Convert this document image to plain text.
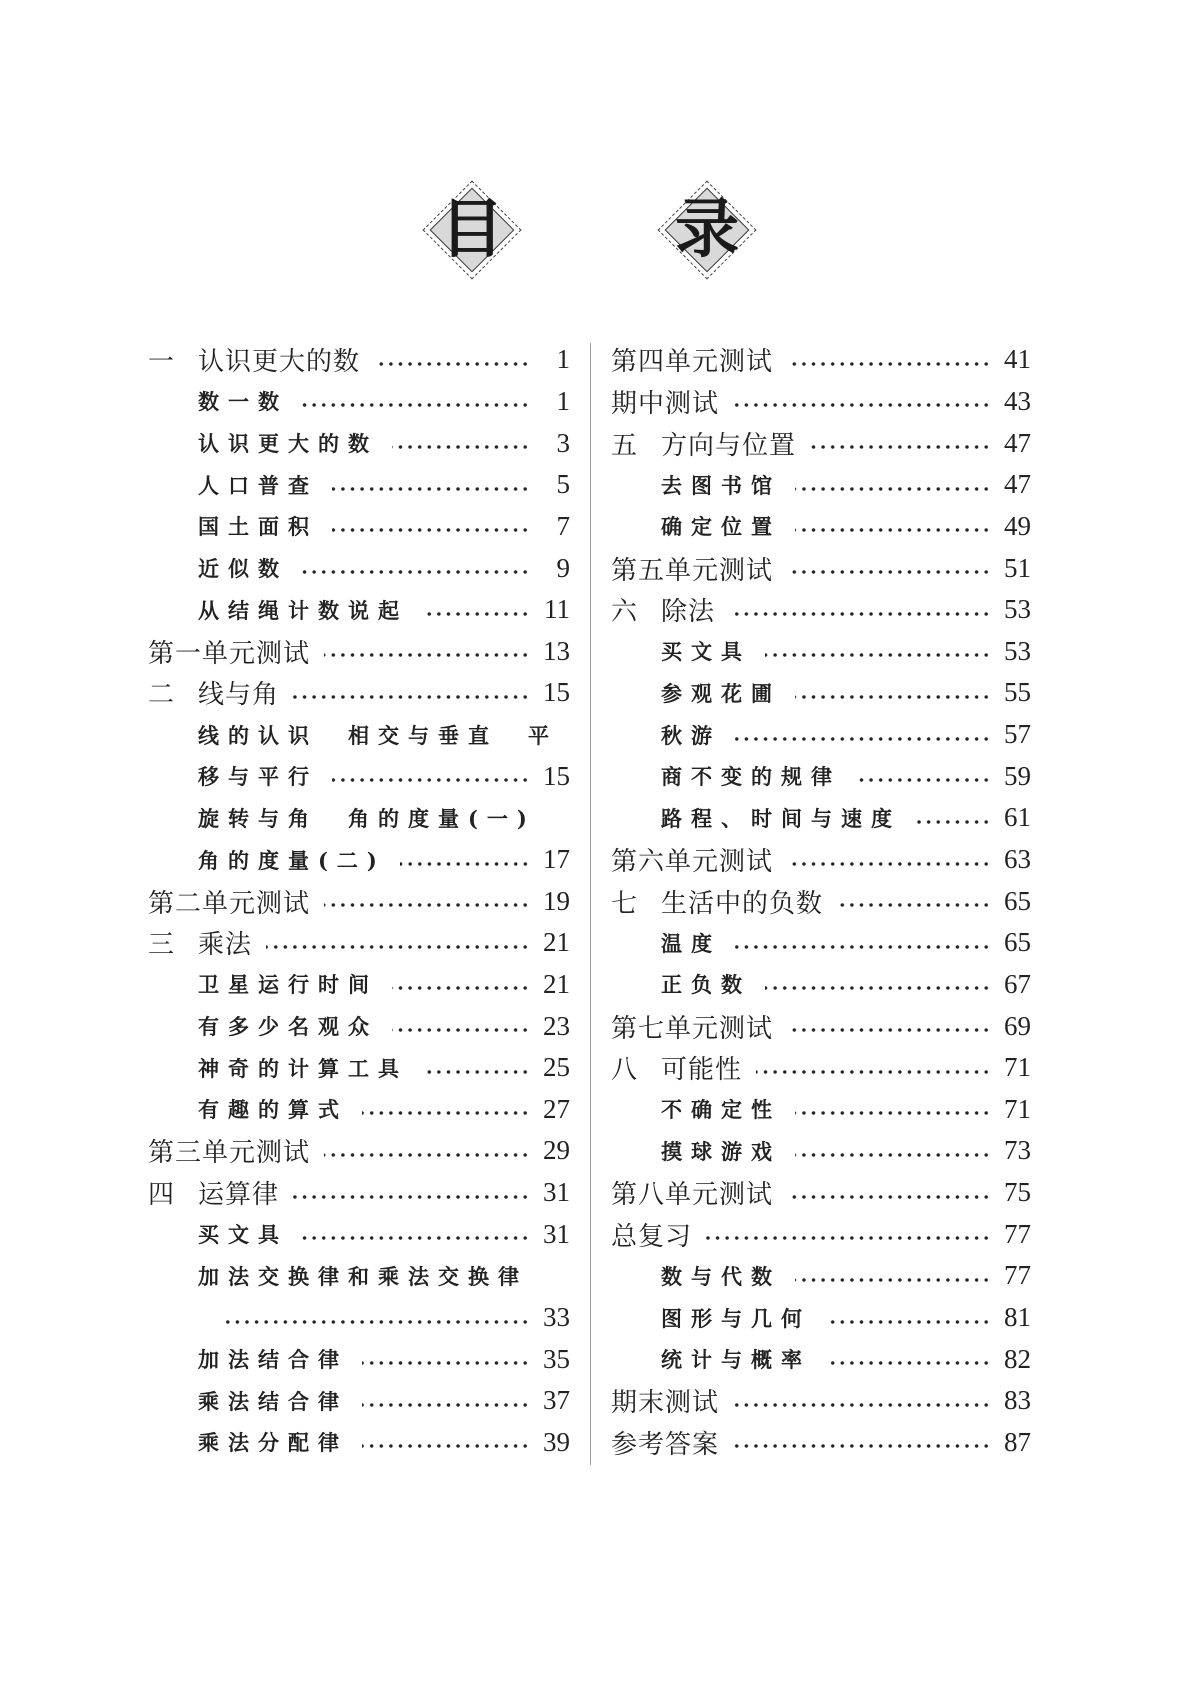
目	录
一 认识更大的数	1
数一数	1
认识更大的数	3
人口普查	5
国土面积	7
近似数	9
从结绳计数说起	11
第一单元测试	13
二 线与角	15
线的认识　相交与垂直　平
移与平行	15
旋转与角　角的度量(一)
角的度量(二)	17
第二单元测试	19
三 乘法	21
卫星运行时间	21
有多少名观众	23
神奇的计算工具	25
有趣的算式	27
第三单元测试	29
四 运算律	31
买文具	31
加法交换律和乘法交换律
33
加法结合律	35
乘法结合律	37
乘法分配律	39
第四单元测试	41
期中测试	43
五 方向与位置	47
去图书馆	47
确定位置	49
第五单元测试	51
六 除法	53
买文具	53
参观花圃	55
秋游	57
商不变的规律	59
路程、时间与速度	61
第六单元测试	63
七 生活中的负数	65
温度	65
正负数	67
第七单元测试	69
八 可能性	71
不确定性	71
摸球游戏	73
第八单元测试	75
总复习	77
数与代数	77
图形与几何	81
统计与概率	82
期末测试	83
参考答案	87
